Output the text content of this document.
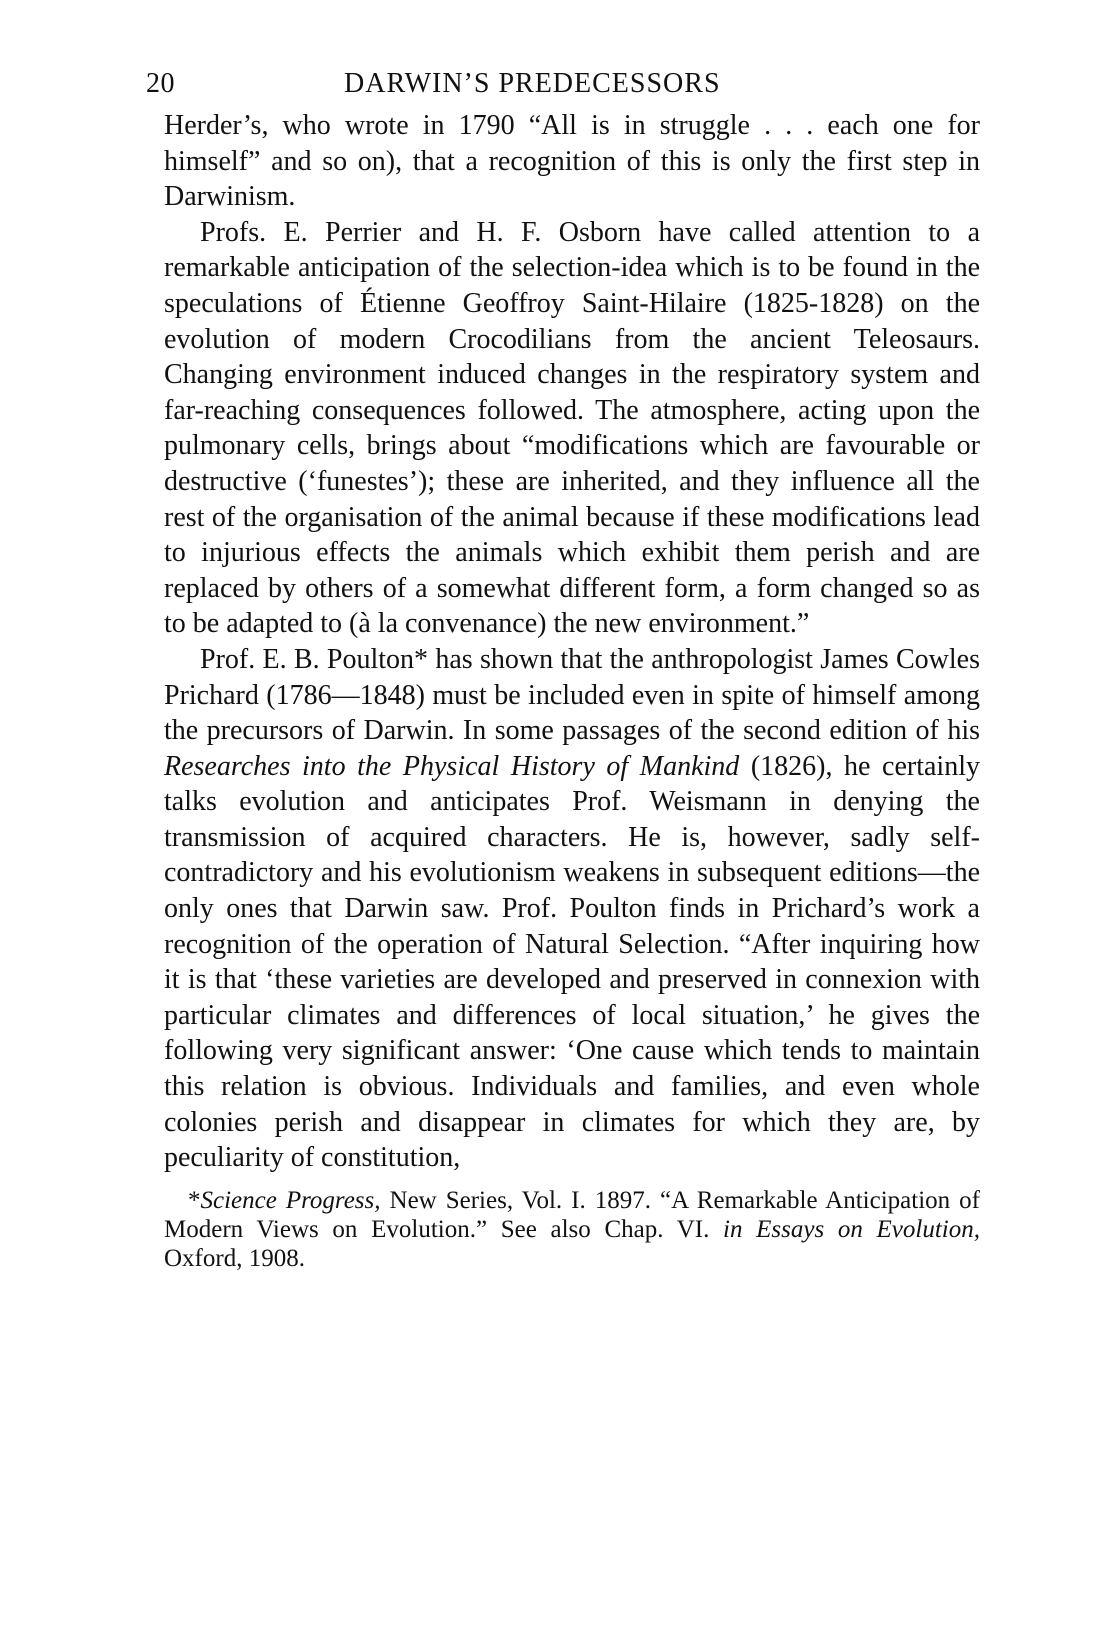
20	DARWIN’S PREDECESSORS

Herder’s, who wrote in 1790 “All is in struggle . . . each one for himself” and so on), that a recognition of this is only the first step in Darwinism.

Profs. E. Perrier and H. F. Osborn have called attention to a remarkable anticipation of the selection-idea which is to be found in the speculations of Étienne Geoffroy Saint-Hilaire (1825-1828) on the evolution of modern Crocodilians from the ancient Teleosaurs. Changing environment induced changes in the respiratory system and far-reaching consequences followed. The atmosphere, acting upon the pulmonary cells, brings about “modifications which are favourable or destructive (‘funestes’); these are inherited, and they influence all the rest of the organisation of the animal because if these modifications lead to injurious effects the animals which exhibit them perish and are replaced by others of a somewhat different form, a form changed so as to be adapted to (à la convenance) the new environment.”

Prof. E. B. Poulton* has shown that the anthropologist James Cowles Prichard (1786—1848) must be included even in spite of himself among the precursors of Darwin. In some passages of the second edition of his Researches into the Physical History of Mankind (1826), he certainly talks evolution and anticipates Prof. Weismann in denying the transmission of acquired characters. He is, however, sadly self-contradictory and his evolutionism weakens in subsequent editions—the only ones that Darwin saw. Prof. Poulton finds in Prichard’s work a recognition of the operation of Natural Selection. “After inquiring how it is that ‘these varieties are developed and preserved in connexion with particular climates and differences of local situation,’ he gives the following very significant answer: ‘One cause which tends to maintain this relation is obvious. Individuals and families, and even whole colonies perish and disappear in climates for which they are, by peculiarity of constitution,

*Science Progress, New Series, Vol. I. 1897. “A Remarkable Anticipation of Modern Views on Evolution.” See also Chap. VI. in Essays on Evolution, Oxford, 1908.
